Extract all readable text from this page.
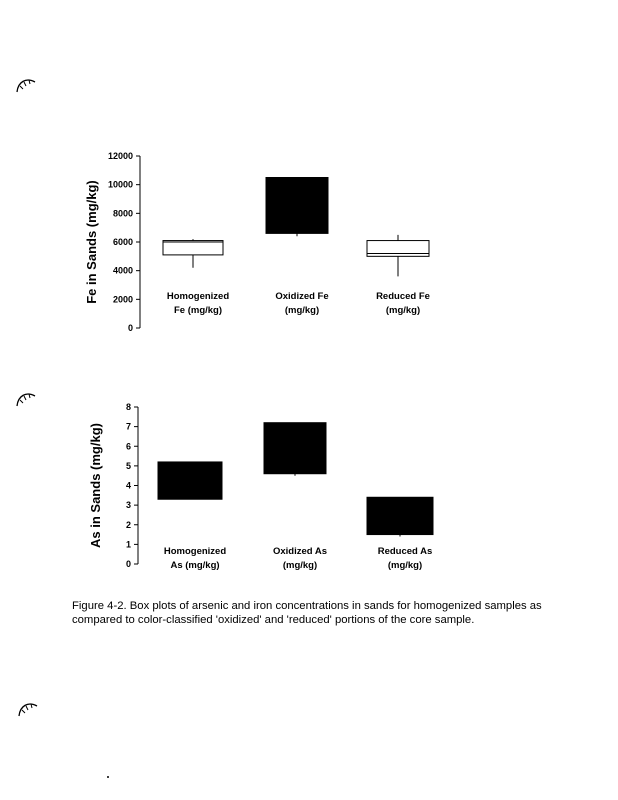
0
2000
4000
6000
8000
10000
12000
Fe in Sands (mg/kg)	Homogenized Fe (mg/kg)
Oxidized Fe (mg/kg)
Reduced Fe (mg/kg)
0
1
2
3
4
5
6
7
8
As in Sands (mg/kg)
Homogenized As (mg/kg)
Oxidized As (mg/kg)
Reduced As (mg/kg)
Figure 4-2. Box plots of arsenic and iron concentrations in sands for homogenized samples as compared to color-classified 'oxidized' and 'reduced' portions of the core sample.
